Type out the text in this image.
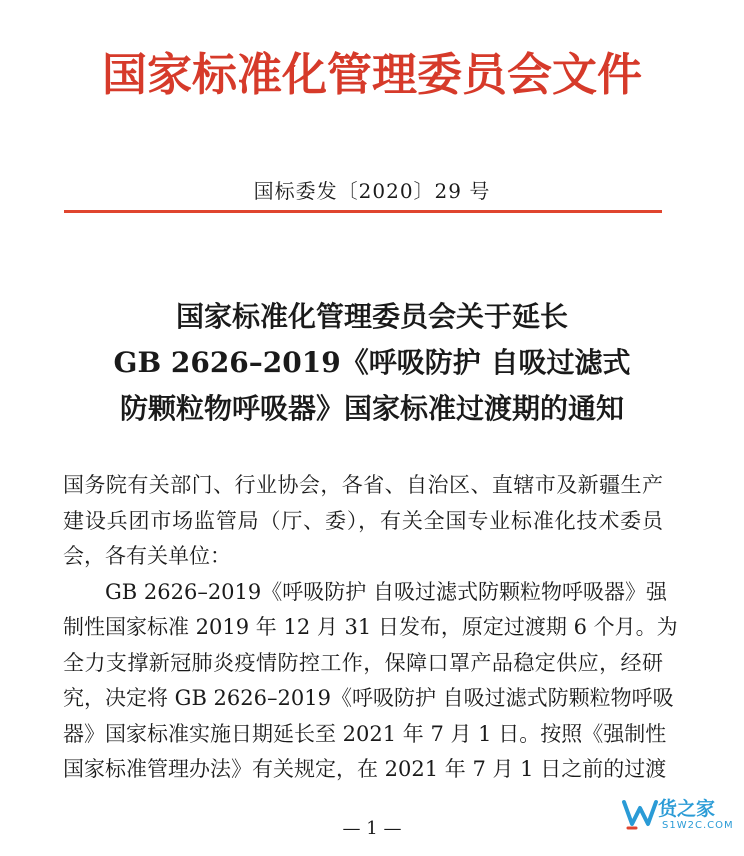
国家标准化管理委员会文件
国标委发〔2020〕29 号
国家标准化管理委员会关于延长
GB 2626–2019《呼吸防护 自吸过滤式
防颗粒物呼吸器》国家标准过渡期的通知
国务院有关部门、行业协会，各省、自治区、直辖市及新疆生产
建设兵团市场监管局（厅、委），有关全国专业标准化技术委员
会，各有关单位：
GB 2626–2019《呼吸防护 自吸过滤式防颗粒物呼吸器》强
制性国家标准 2019 年 12 月 31 日发布，原定过渡期 6 个月。为
全力支撑新冠肺炎疫情防控工作，保障口罩产品稳定供应，经研
究，决定将 GB 2626–2019《呼吸防护 自吸过滤式防颗粒物呼吸
器》国家标准实施日期延长至 2021 年 7 月 1 日。按照《强制性
国家标准管理办法》有关规定，在 2021 年 7 月 1 日之前的过渡
— 1 —
货之家
S1W2C.COM
